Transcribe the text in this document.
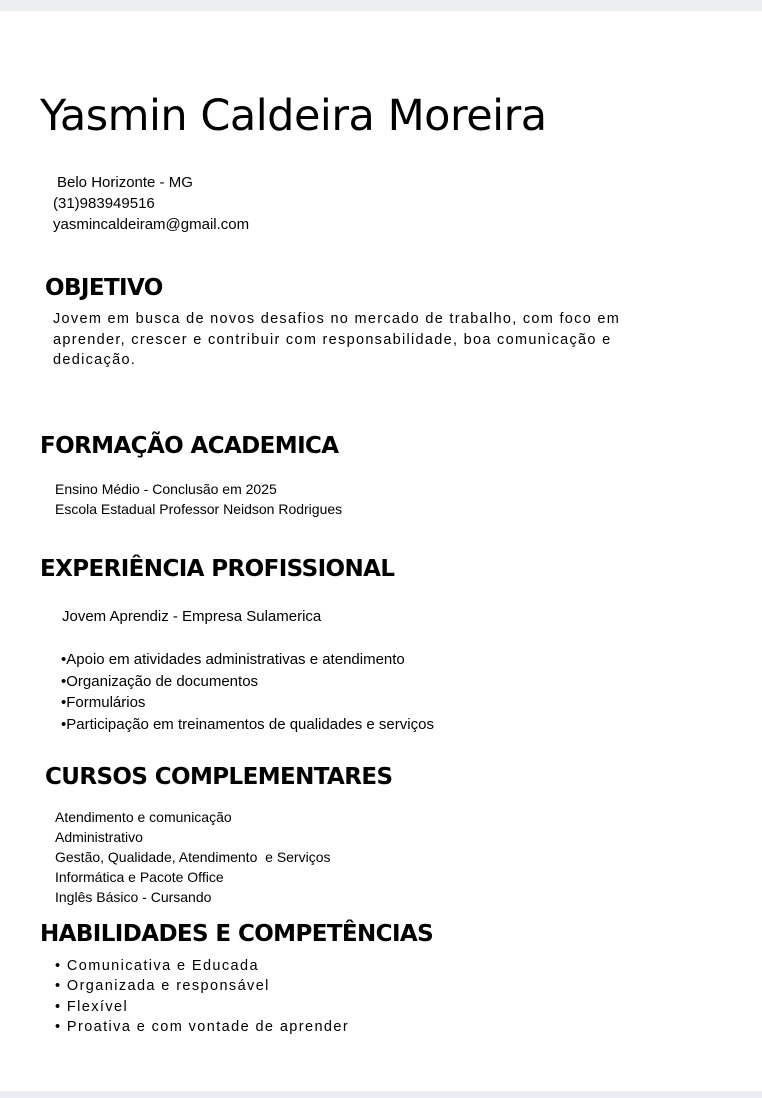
Yasmin Caldeira Moreira
Belo Horizonte - MG
(31)983949516
yasmincaldeiram@gmail.com
OBJETIVO
Jovem em busca de novos desafios no mercado de trabalho, com foco em aprender, crescer e contribuir com responsabilidade, boa comunicação e dedicação.
FORMAÇÃO ACADEMICA
Ensino Médio - Conclusão em 2025
Escola Estadual Professor Neidson Rodrigues
EXPERIÊNCIA PROFISSIONAL
Jovem Aprendiz - Empresa Sulamerica
•Apoio em atividades administrativas e atendimento
•Organização de documentos
•Formulários
•Participação em treinamentos de qualidades e serviços
CURSOS COMPLEMENTARES
Atendimento e comunicação
Administrativo
Gestão, Qualidade, Atendimento  e Serviços
Informática e Pacote Office
Inglês Básico - Cursando
HABILIDADES E COMPETÊNCIAS
• Comunicativa e Educada
• Organizada e responsável
• Flexível
• Proativa e com vontade de aprender
